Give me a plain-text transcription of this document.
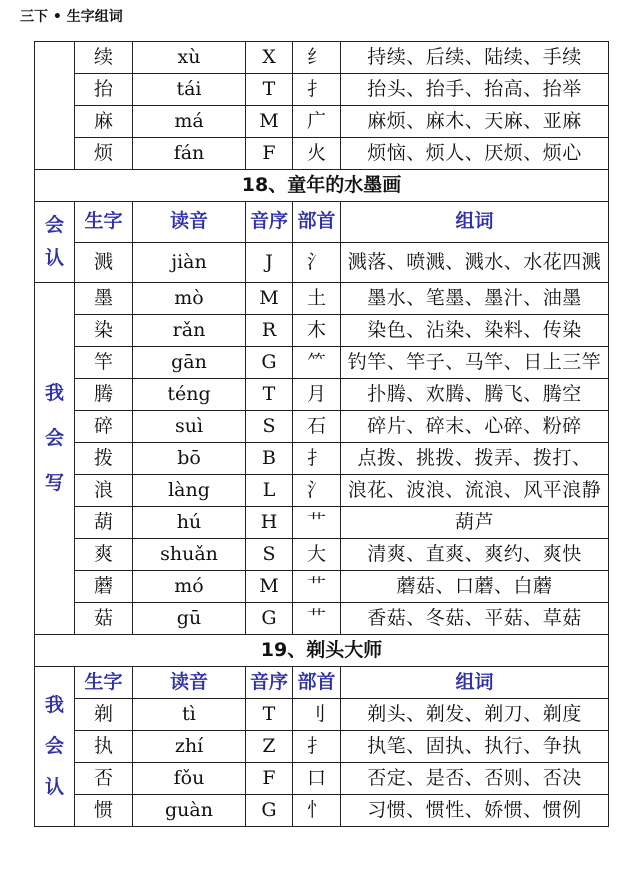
三下 • 生字组词
	续	xù	X	纟	持续、后续、陆续、手续
	抬	tái	T	扌	抬头、抬手、抬高、抬举
	麻	má	M	广	麻烦、麻木、天麻、亚麻
	烦	fán	F	火	烦恼、烦人、厌烦、烦心
18、童年的水墨画					

会
认	生字	读音	音序	部首	组词
	溅	jiàn	J	氵	溅落、喷溅、溅水、水花四溅

我
会
写	墨	mò	M	土	墨水、笔墨、墨汁、油墨
	染	rǎn	R	木	染色、沾染、染料、传染
	竿	gān	G	⺮	钓竿、竿子、马竿、日上三竿
	腾	téng	T	月	扑腾、欢腾、腾飞、腾空
	碎	suì	S	石	碎片、碎末、心碎、粉碎
	拨	bō	B	扌	点拨、挑拨、拨弄、拨打、
	浪	làng	L	氵	浪花、波浪、流浪、风平浪静
	葫	hú	H	艹	葫芦
	爽	shuǎn	S	大	清爽、直爽、爽约、爽快
	蘑	mó	M	艹	蘑菇、口蘑、白蘑
	菇	gū	G	艹	香菇、冬菇、平菇、草菇
19、剃头大师					

我
会
认	生字	读音	音序	部首	组词
	剃	tì	T	刂	剃头、剃发、剃刀、剃度
	执	zhí	Z	扌	执笔、固执、执行、争执
	否	fǒu	F	口	否定、是否、否则、否决
	惯	guàn	G	忄	习惯、惯性、娇惯、惯例
